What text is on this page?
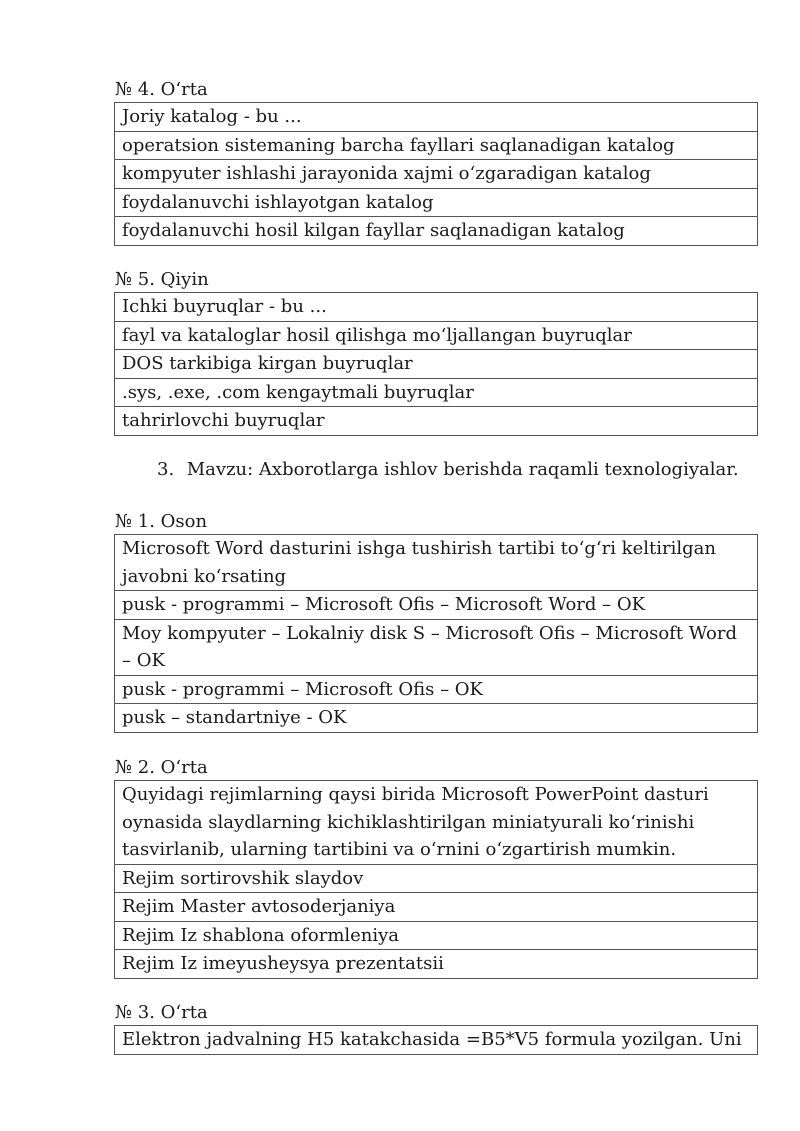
№ 4. O‘rta
Joriy katalog - bu ...
operatsion sistemaning barcha fayllari saqlanadigan katalog
kompyuter ishlashi jarayonida xajmi o‘zgaradigan katalog
foydalanuvchi ishlayotgan katalog
foydalanuvchi hosil kilgan fayllar saqlanadigan katalog
№ 5. Qiyin
Ichki buyruqlar - bu ...
fayl va kataloglar hosil qilishga mo‘ljallangan buyruqlar
DOS tarkibiga kirgan buyruqlar
.sys, .exe, .com kengaytmali buyruqlar
tahrirlovchi buyruqlar
3. Mavzu: Axborotlarga ishlov berishda raqamli texnologiyalar.
№ 1. Oson
Microsoft Word dasturini ishga tushirish tartibi to‘g‘ri keltirilgan javobni ko‘rsating
pusk - programmi – Microsoft Ofis – Microsoft Word – OK
Moy kompyuter – Lokalniy disk S – Microsoft Ofis – Microsoft Word – OK
pusk - programmi – Microsoft Ofis – OK
pusk – standartniye - OK
№ 2. O‘rta
Quyidagi rejimlarning qaysi birida Microsoft PowerPoint dasturi oynasida slaydlarning kichiklashtirilgan miniatyurali ko‘rinishi tasvirlanib, ularning tartibini va o‘rnini o‘zgartirish mumkin.
Rejim sortirovshik slaydov
Rejim Master avtosoderjaniya
Rejim Iz shablona oformleniya
Rejim Iz imeyusheysya prezentatsii
№ 3. O‘rta
Elektron jadvalning H5 katakchasida =B5*V5 formula yozilgan. Uni
